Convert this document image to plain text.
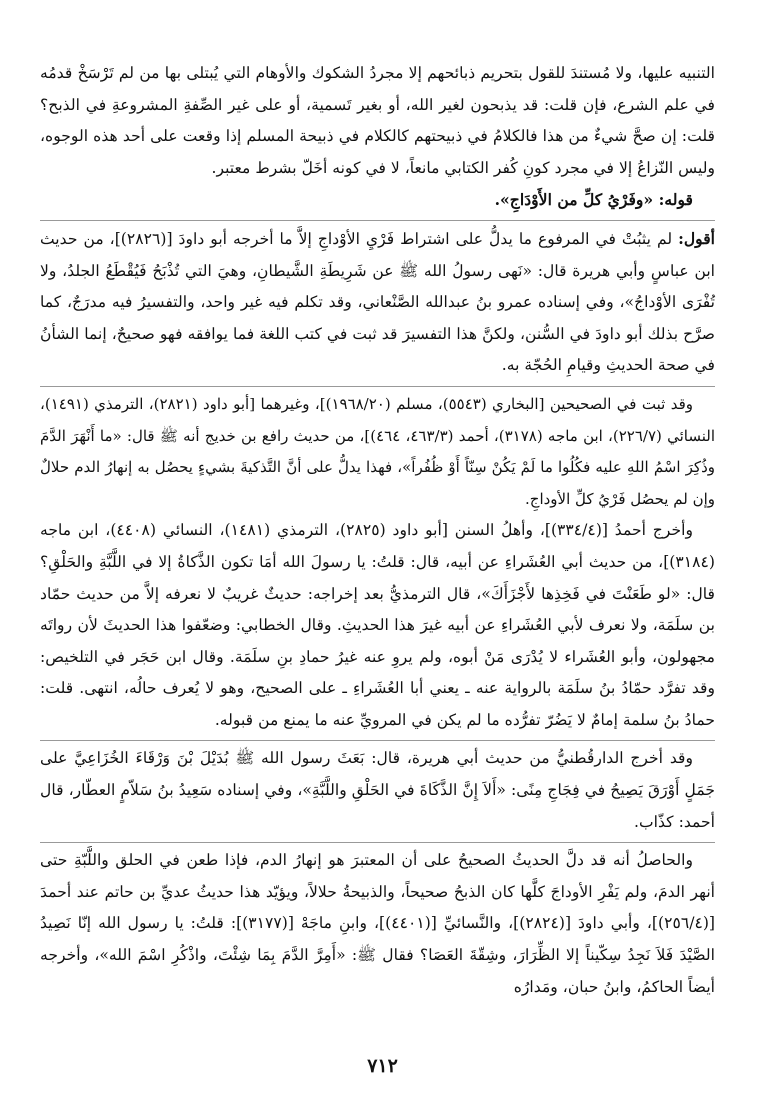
التنبيه عليها، ولا مُستندَ للقول بتحريم ذبائحهم إلا مجردُ الشكوك والأوهام التي يُبتلى بها من لم تَرْسَخْ قدمُه في علم الشرع، فإن قلت: قد يذبحون لغير الله، أو بغير تَسمية، أو على غير الصِّفةِ المشروعةِ في الذبح؟ قلت: إن صحَّ شيءٌ من هذا فالكلامُ في ذبيحتهم كالكلام في ذبيحة المسلم إذا وقعت على أحد هذه الوجوه، وليس النّزاعُ إلا في مجرد كونِ كُفر الكتابي مانعاً، لا في كونه أخَلّ بشرط معتبر.

قوله: «وفَرْيُ كلِّ من الأَوْدَاجِ».

أقول: لم يثبُتْ في المرفوع ما يدلُّ على اشتراط فَرْيِ الأوْداجِ إلاَّ ما أخرجه أبو داودَ [(٢٨٢٦)]، من حديث ابن عباسٍ وأبي هريرة قال: «نَهى رسولُ الله ﷺ عن شَرِيطَةِ الشَّيطانِ، وهيَ التي تُذْبَحُ فَيُقْطَعُ الجلدُ، ولا تُفْرَى الأوْداجُ»، وفي إسناده عمرو بنُ عبدالله الصَّنْعاني، وقد تكلم فيه غير واحد، والتفسيرُ فيه مدرَجٌ، كما صرَّح بذلك أبو داودَ في السُّنن، ولكنَّ هذا التفسيرَ قد ثبت في كتب اللغة فما يوافقه فهو صحيحٌ، إنما الشأنُ في صحة الحديثِ وقيامِ الحُجّة به.

وقد ثبت في الصحيحين [البخاري (٥٥٤٣)، مسلم (١٩٦٨/٢٠)]، وغيرهما [أبو داود (٢٨٢١)، الترمذي (١٤٩١)، النسائي (٢٢٦/٧)، ابن ماجه (٣١٧٨)، أحمد (٤٦٣/٣، ٤٦٤)]، من حديث رافع بن خديج أنه ﷺ قال: «ما أَنْهَرَ الدَّمَ وذُكِرَ اسْمُ اللهِ عليه فكُلُوا ما لَمْ يَكُنْ سِنّاً أَوْ ظُفُراً»، فهذا يدلُّ على أنَّ التَّذكيةَ بشيءٍ يحصُل به إنهارُ الدم حلالٌ وإن لم يحصُل فَرْيُ كلِّ الأوداجِ.

وأخرج أحمدُ [(٣٣٤/٤)]، وأهلُ السنن [أبو داود (٢٨٢٥)، الترمذي (١٤٨١)، النسائي (٤٤٠٨)، ابن ماجه (٣١٨٤)]، من حديث أبي العُشَراءِ عن أبيه، قال: قلتُ: يا رسولَ الله أمَا تكون الذَّكاةُ إلا في اللَّبَّةِ والحَلْقِ؟ قال: «لو طَعَنْتَ في فَخِذِها لأَجْزَأَكَ»، قال الترمذيُّ بعد إخراجه: حديثٌ غريبٌ لا نعرفه إلاَّ من حديث حمّاد بن سلَمَة، ولا نعرف لأبي العُشَراءِ عن أبيه غيرَ هذا الحديثِ. وقال الخطابي: وضعّفوا هذا الحديثَ لأن رواتَه مجهولون، وأبو العُشَراء لا يُدْرَى مَنْ أبوه، ولم يروِ عنه غيرُ حمادِ بنِ سلَمَة. وقال ابن حَجَر في التلخيص: وقد تفرَّد حمّادُ بنُ سلَمَة بالرواية عنه ـ يعني أبا العُشَراءِ ـ على الصحيح، وهو لا يُعرف حالُه، انتهى. قلت: حمادُ بنُ سلمة إمامٌ لا يَضُرّ تفرُّده ما لم يكن في المرويِّ عنه ما يمنع من قبوله.

وقد أخرج الدارقُطنيُّ من حديث أبي هريرة، قال: بَعَثَ رسول الله ﷺ بُدَيْلَ بْنَ وَرْقَاءَ الخُزَاعِيَّ على جَمَلٍ أَوْرَقَ يَصِيحُ في فِجَاجِ مِنًى: «أَلاَ إِنَّ الذَّكَاةَ في الحَلْقِ واللَّبَّةِ»، وفي إسناده سَعِيدُ بنُ سَلاّمٍ العطّار، قال أحمد: كذّاب.

والحاصلُ أنه قد دلَّ الحديثُ الصحيحُ على أن المعتبرَ هو إنهارُ الدم، فإذا طعن في الحلق واللَّبّةِ حتى أنهر الدمَ، ولم يَفْرِ الأوداجَ كلَّها كان الذبحُ صحيحاً، والذبيحةُ حلالاً، ويؤيّد هذا حديثُ عديِّ بن حاتم عند أحمدَ [(٢٥٦/٤)]، وأبي داودَ [(٢٨٢٤)]، والنَّسائيِّ [(٤٤٠١)]، وابنِ ماجَهْ [(٣١٧٧)]: قلتُ: يا رسول الله إنّا نَصِيدُ الصَّيْدَ فَلاَ نَجِدُ سِكّيناً إلا الظِّرَارَ، وشِقّةَ العَصَا؟ فقال ﷺ: «أَمِرَّ الدَّمَ بِمَا شِئْتَ، واذْكُرِ اسْمَ الله»، وأخرجه أيضاً الحاكمُ، وابنُ حبان، ومَدارُه

٧١٢
